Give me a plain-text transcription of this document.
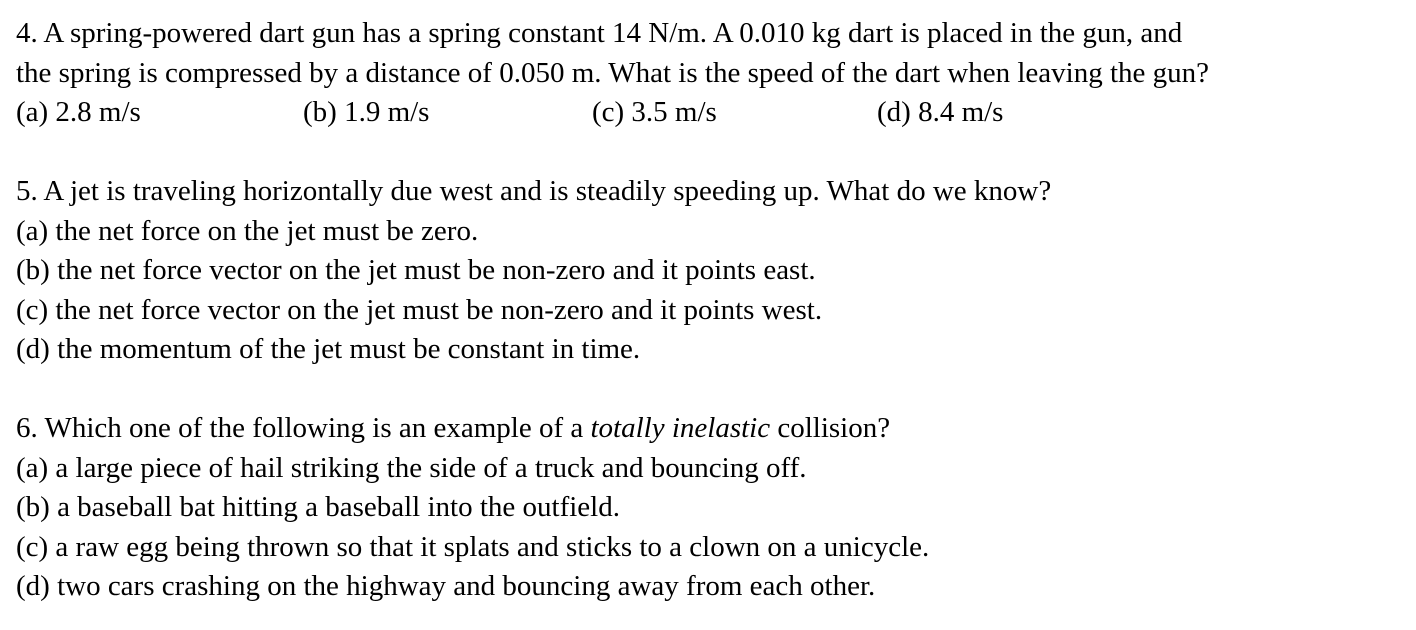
4. A spring-powered dart gun has a spring constant 14 N/m. A 0.010 kg dart is placed in the gun, and
the spring is compressed by a distance of 0.050 m. What is the speed of the dart when leaving the gun?
(a) 2.8 m/s	(b) 1.9 m/s	(c) 3.5 m/s	(d) 8.4 m/s
5. A jet is traveling horizontally due west and is steadily speeding up. What do we know?
(a) the net force on the jet must be zero.
(b) the net force vector on the jet must be non-zero and it points east.
(c) the net force vector on the jet must be non-zero and it points west.
(d) the momentum of the jet must be constant in time.
6. Which one of the following is an example of a totally inelastic collision?
(a) a large piece of hail striking the side of a truck and bouncing off.
(b) a baseball bat hitting a baseball into the outfield.
(c) a raw egg being thrown so that it splats and sticks to a clown on a unicycle.
(d) two cars crashing on the highway and bouncing away from each other.
